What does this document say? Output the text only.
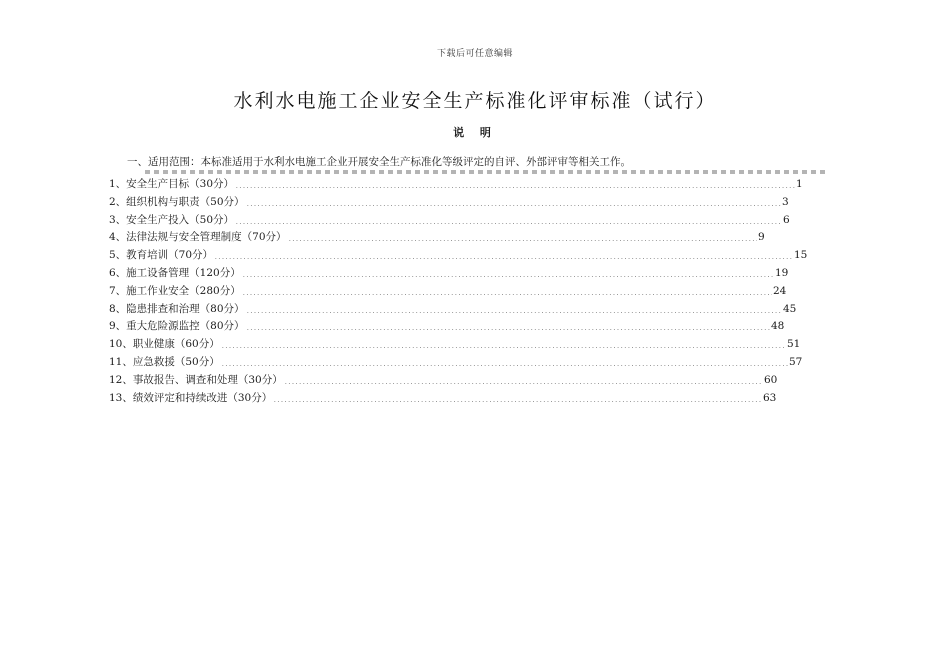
下载后可任意编辑
水利水电施工企业安全生产标准化评审标准（试行）
说 明
一、适用范围：本标准适用于水利水电施工企业开展安全生产标准化等级评定的自评、外部评审等相关工作。
1、安全生产目标（30分）	1
2、组织机构与职责（50分）	3
3、安全生产投入（50分）	6
4、法律法规与安全管理制度（70分）	9
5、教育培训（70分）	15
6、施工设备管理（120分）	19
7、施工作业安全（280分）	24
8、隐患排查和治理（80分）	45
9、重大危险源监控（80分）	48
10、职业健康（60分）	51
11、应急救援（50分）	57
12、事故报告、调查和处理（30分）	60
13、绩效评定和持续改进（30分）	63
